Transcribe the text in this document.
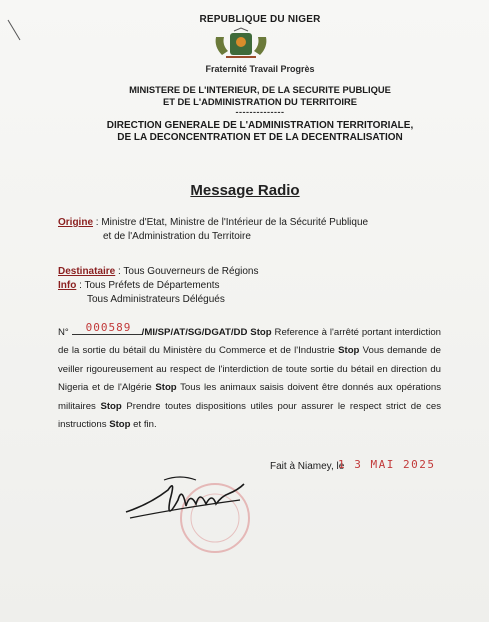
REPUBLIQUE DU NIGER
Fraternité Travail Progrès
MINISTERE DE L'INTERIEUR, DE LA SECURITE PUBLIQUE
ET DE L'ADMINISTRATION DU TERRITOIRE
--------------
DIRECTION GENERALE DE L'ADMINISTRATION TERRITORIALE,
DE LA DECONCENTRATION ET DE LA DECENTRALISATION
Message Radio
Origine : Ministre d'Etat, Ministre de l'Intérieur de la Sécurité Publique
et de l'Administration du Territoire
Destinataire : Tous Gouverneurs de Régions
Info : Tous Préfets de Départements
Tous Administrateurs Délégués
N° 000589 /MI/SP/AT/SG/DGAT/DD Stop Reference à l'arrêté portant interdiction de la sortie du bétail du Ministère du Commerce et de l'Industrie Stop Vous demande de veiller rigoureusement au respect de l'interdiction de toute sortie du bétail en direction du Nigeria et de l'Algérie Stop Tous les animaux saisis doivent être donnés aux opérations militaires Stop Prendre toutes dispositions utiles pour assurer le respect strict de ces instructions Stop et fin.
Fait à Niamey, le
1 3 MAI 2025
